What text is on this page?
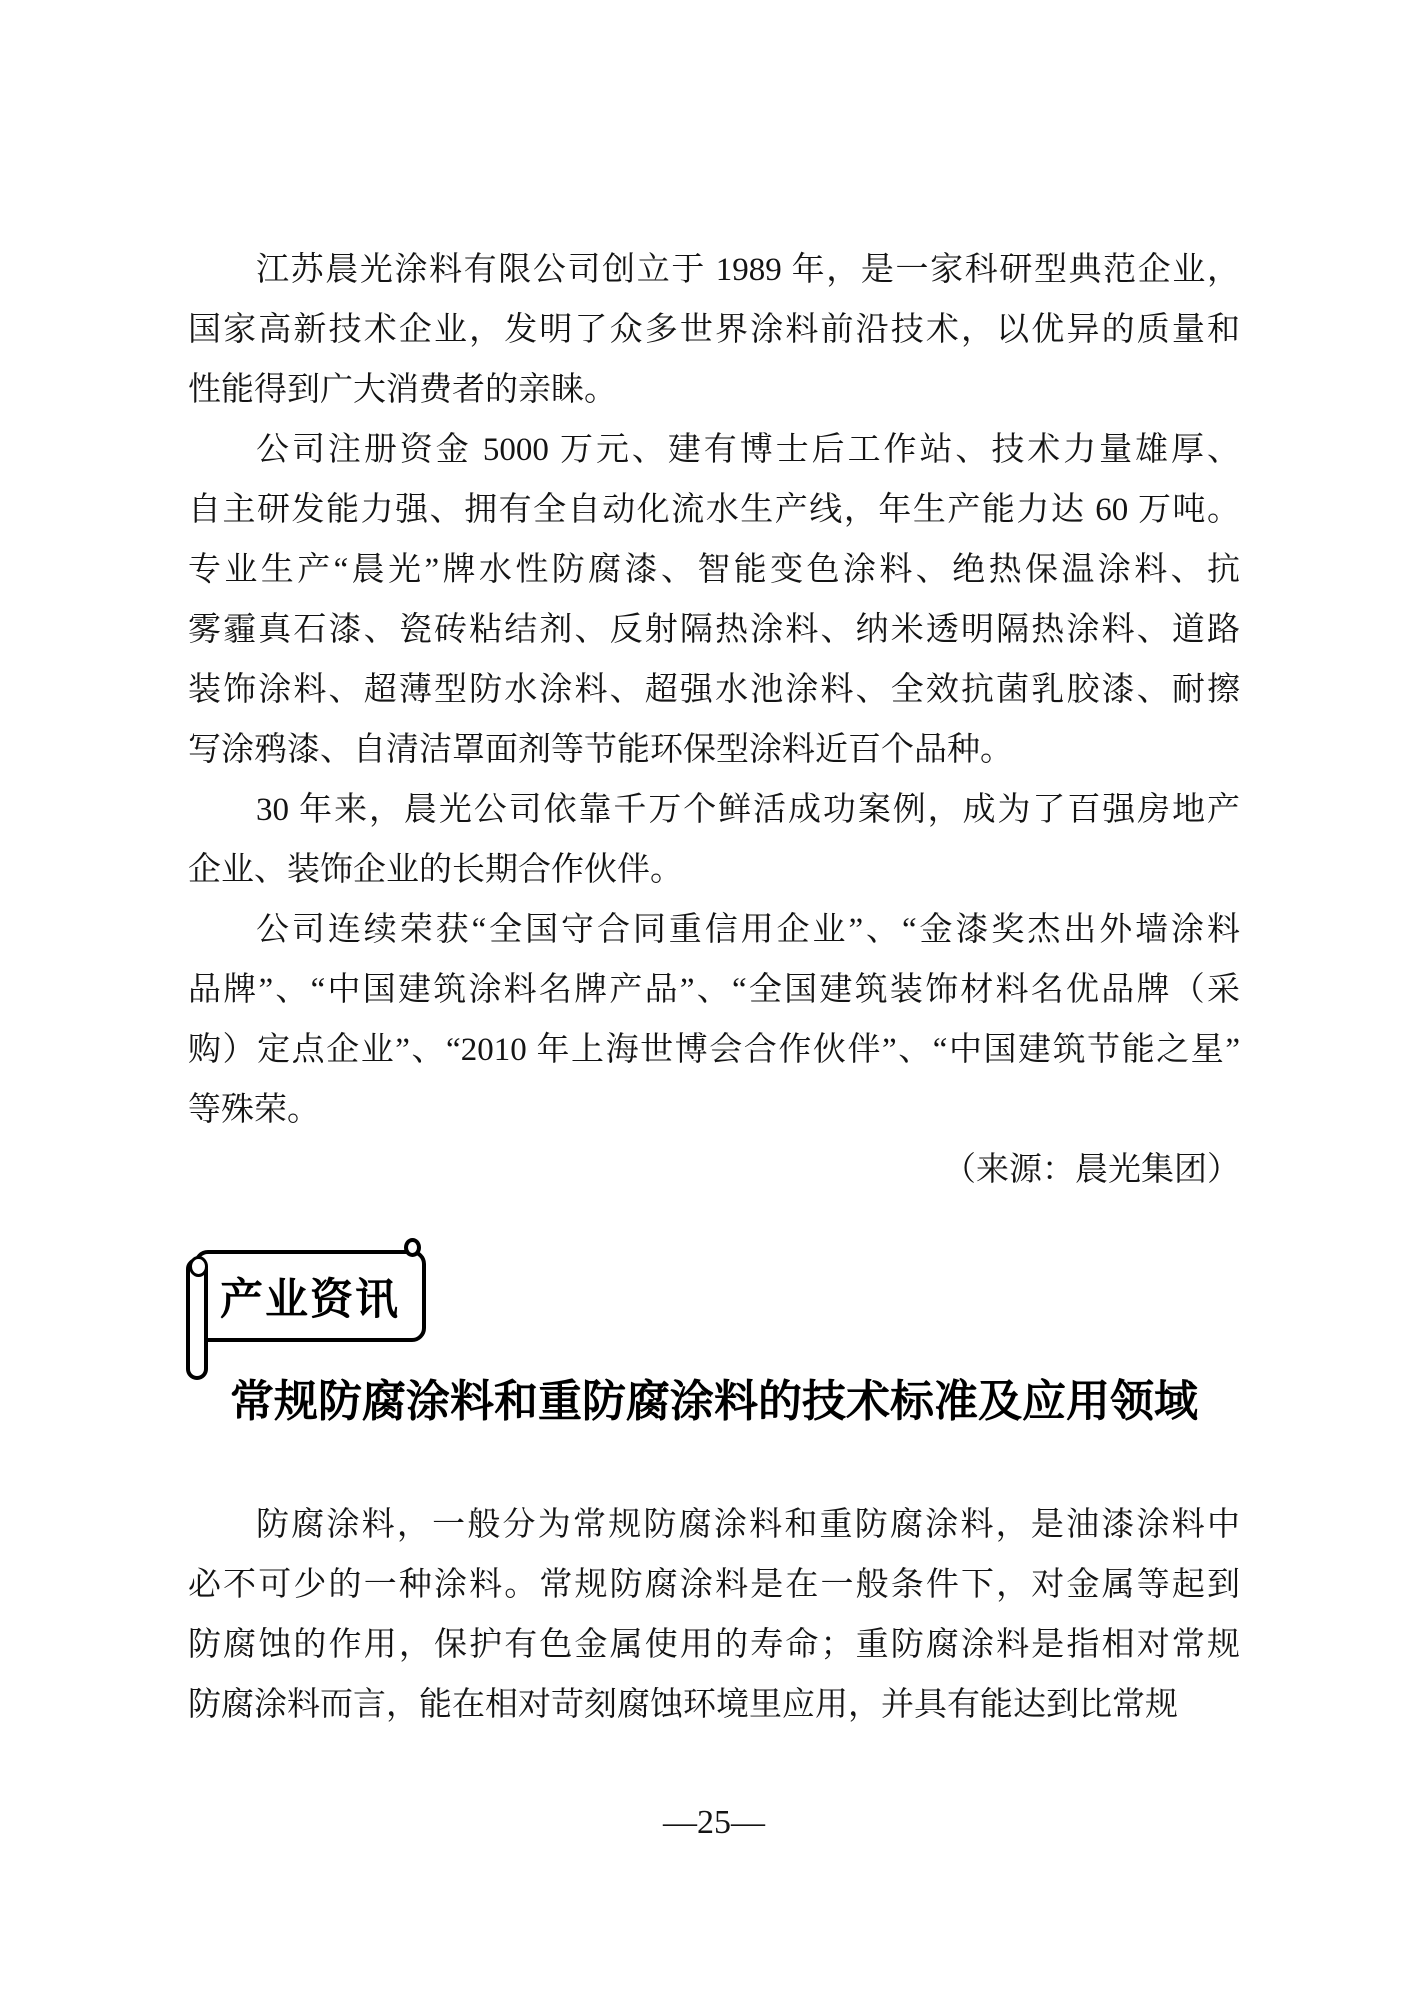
江苏晨光涂料有限公司创立于 1989 年，是一家科研型典范企业，
国家高新技术企业，发明了众多世界涂料前沿技术，以优异的质量和
性能得到广大消费者的亲睐。
公司注册资金 5000 万元、建有博士后工作站、技术力量雄厚、
自主研发能力强、拥有全自动化流水生产线，年生产能力达 60 万吨。
专业生产“晨光”牌水性防腐漆、智能变色涂料、绝热保温涂料、抗
雾霾真石漆、瓷砖粘结剂、反射隔热涂料、纳米透明隔热涂料、道路
装饰涂料、超薄型防水涂料、超强水池涂料、全效抗菌乳胶漆、耐擦
写涂鸦漆、自清洁罩面剂等节能环保型涂料近百个品种。
30 年来，晨光公司依靠千万个鲜活成功案例，成为了百强房地产
企业、装饰企业的长期合作伙伴。
公司连续荣获“全国守合同重信用企业”、“金漆奖杰出外墙涂料
品牌”、“中国建筑涂料名牌产品”、“全国建筑装饰材料名优品牌（采
购）定点企业”、“2010 年上海世博会合作伙伴”、“中国建筑节能之星”
等殊荣。
（来源：晨光集团）
产业资讯
常规防腐涂料和重防腐涂料的技术标准及应用领域
防腐涂料，一般分为常规防腐涂料和重防腐涂料，是油漆涂料中
必不可少的一种涂料。常规防腐涂料是在一般条件下，对金属等起到
防腐蚀的作用，保护有色金属使用的寿命；重防腐涂料是指相对常规
防腐涂料而言，能在相对苛刻腐蚀环境里应用，并具有能达到比常规
—25—
